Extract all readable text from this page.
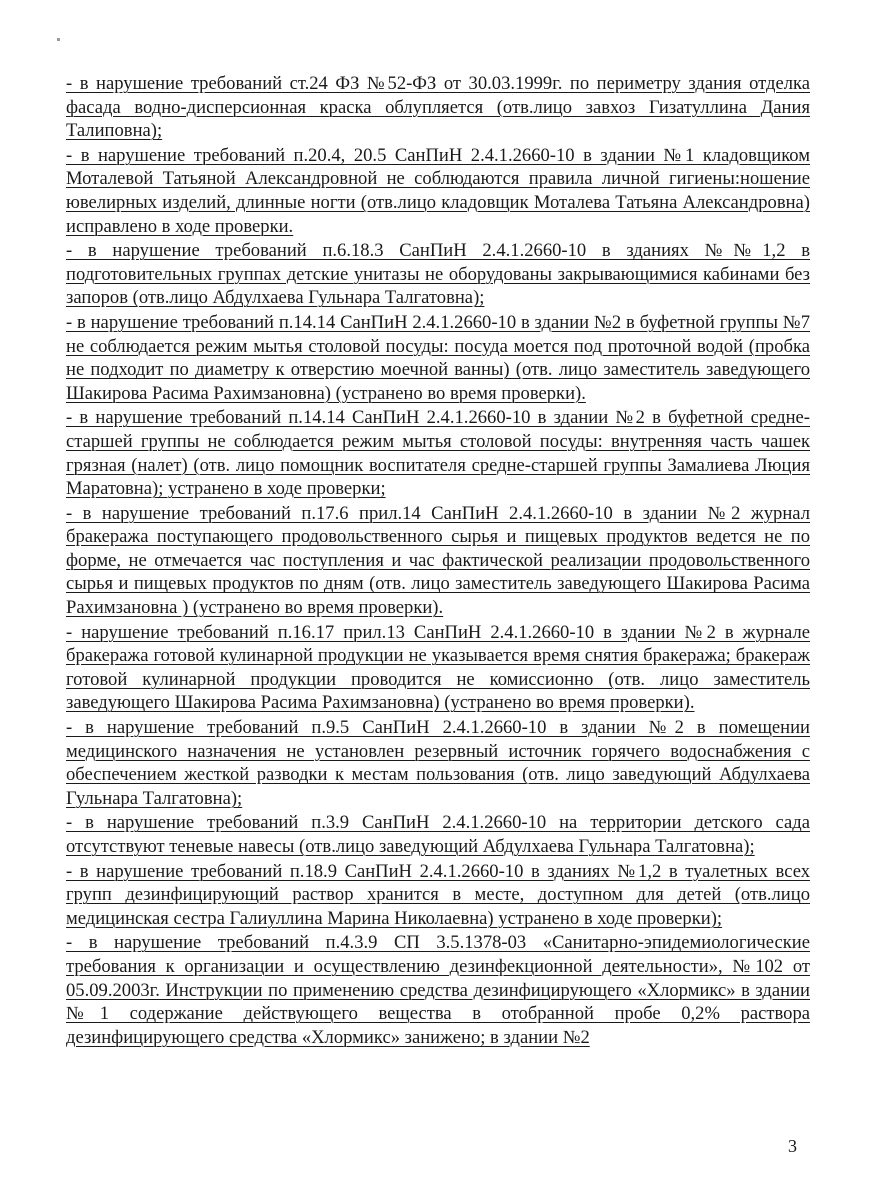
- в нарушение требований ст.24 ФЗ №52-ФЗ от 30.03.1999г. по периметру здания отделка фасада водно-дисперсионная краска облупляется (отв.лицо завхоз Гизатуллина Дания Талиповна);

- в нарушение требований п.20.4, 20.5 СанПиН 2.4.1.2660-10 в здании №1 кладовщиком Моталевой Татьяной Александровной не соблюдаются правила личной гигиены:ношение ювелирных изделий, длинные ногти (отв.лицо кладовщик Моталева Татьяна Александровна) исправлено в ходе проверки.

- в нарушение требований п.6.18.3 СанПиН 2.4.1.2660-10 в зданиях №№1,2 в подготовительных группах детские унитазы не оборудованы закрывающимися кабинами без запоров (отв.лицо Абдулхаева Гульнара Талгатовна);

- в нарушение требований п.14.14 СанПиН 2.4.1.2660-10 в здании №2 в буфетной группы №7 не соблюдается режим мытья столовой посуды: посуда моется под проточной водой (пробка не подходит по диаметру к отверстию моечной ванны) (отв. лицо заместитель заведующего Шакирова Расима Рахимзановна) (устранено во время проверки).

- в нарушение требований п.14.14 СанПиН 2.4.1.2660-10 в здании №2 в буфетной средне-старшей группы не соблюдается режим мытья столовой посуды: внутренняя часть чашек грязная (налет) (отв. лицо помощник воспитателя средне-старшей группы Замалиева Люция Маратовна); устранено в ходе проверки;

- в нарушение требований п.17.6 прил.14 СанПиН 2.4.1.2660-10 в здании №2 журнал бракеража поступающего продовольственного сырья и пищевых продуктов ведется не по форме, не отмечается час поступления и час фактической реализации продовольственного сырья и пищевых продуктов по дням (отв. лицо заместитель заведующего Шакирова Расима Рахимзановна ) (устранено во время проверки).

- нарушение требований п.16.17 прил.13 СанПиН 2.4.1.2660-10 в здании №2 в журнале бракеража готовой кулинарной продукции не указывается время снятия бракеража; бракераж готовой кулинарной продукции проводится не комиссионно (отв. лицо заместитель заведующего Шакирова Расима Рахимзановна) (устранено во время проверки).

- в нарушение требований п.9.5 СанПиН 2.4.1.2660-10 в здании №2 в помещении медицинского назначения не установлен резервный источник горячего водоснабжения с обеспечением жесткой разводки к местам пользования (отв. лицо заведующий Абдулхаева Гульнара Талгатовна);

- в нарушение требований п.3.9 СанПиН 2.4.1.2660-10 на территории детского сада отсутствуют теневые навесы (отв.лицо заведующий Абдулхаева Гульнара Талгатовна);

- в нарушение требований п.18.9 СанПиН 2.4.1.2660-10 в зданиях №1,2 в туалетных всех групп дезинфицирующий раствор хранится в месте, доступном для детей (отв.лицо медицинская сестра Галиуллина Марина Николаевна) устранено в ходе проверки);

- в нарушение требований п.4.3.9 СП 3.5.1378-03 «Санитарно-эпидемиологические требования к организации и осуществлению дезинфекционной деятельности», №102 от 05.09.2003г. Инструкции по применению средства дезинфицирующего «Хлормикс» в здании №1 содержание действующего вещества в отобранной пробе 0,2% раствора дезинфицирующего средства «Хлормикс» занижено; в здании №2

3
